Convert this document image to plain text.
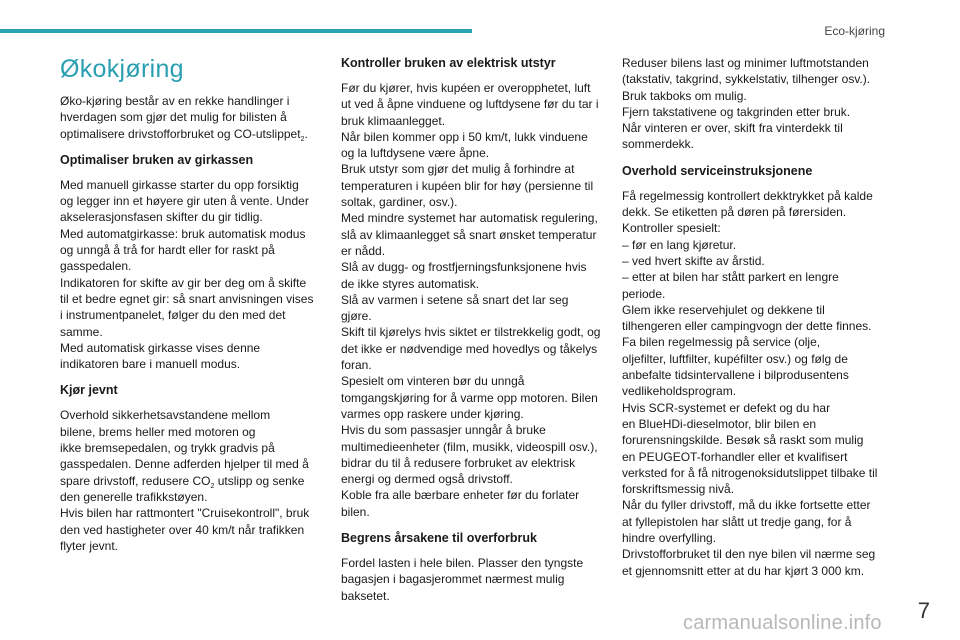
Eco-kjøring
Økokjøring

Øko-kjøring består av en rekke handlinger i
hverdagen som gjør det mulig for bilisten å
optimalisere drivstofforbruket og CO-utslippet$_2$.

Optimaliser bruken av girkassen

Med manuell girkasse starter du opp forsiktig
og legger inn et høyere gir uten å vente. Under
akselerasjonsfasen skifter du gir tidlig.
Med automatgirkasse: bruk automatisk modus
og unngå å trå for hardt eller for raskt på
gasspedalen.
Indikatoren for skifte av gir ber deg om å skifte
til et bedre egnet gir: så snart anvisningen vises
i instrumentpanelet, følger du den med det
samme.
Med automatisk girkasse vises denne
indikatoren bare i manuell modus.

Kjør jevnt

Overhold sikkerhetsavstandene mellom
bilene, brems heller med motoren og
ikke bremsepedalen, og trykk gradvis på
gasspedalen. Denne adferden hjelper til med å
spare drivstoff, redusere $CO_2$ utslipp og senke
den generelle trafikkstøyen.
Hvis bilen har rattmontert "Cruisekontroll", bruk
den ved hastigheter over 40 km/t når trafikken
flyter jevnt.

Kontroller bruken av elektrisk utstyr

Før du kjører, hvis kupéen er overopphetet, luft
ut ved å åpne vinduene og luftdysene før du tar i
bruk klimaanlegget.
Når bilen kommer opp i 50 km/t, lukk vinduene
og la luftdysene være åpne.
Bruk utstyr som gjør det mulig å forhindre at
temperaturen i kupéen blir for høy (persienne til
soltak, gardiner, osv.).
Med mindre systemet har automatisk regulering,
slå av klimaanlegget så snart ønsket temperatur
er nådd.
Slå av dugg- og frostfjerningsfunksjonene hvis
de ikke styres automatisk.
Slå av varmen i setene så snart det lar seg
gjøre.
Skift til kjørelys hvis siktet er tilstrekkelig godt, og
det ikke er nødvendige med hovedlys og tåkelys
foran.
Spesielt om vinteren bør du unngå
tomgangskjøring for å varme opp motoren. Bilen
varmes opp raskere under kjøring.
Hvis du som passasjer unngår å bruke
multimedieenheter (film, musikk, videospill osv.),
bidrar du til å redusere forbruket av elektrisk
energi og dermed også drivstoff.
Koble fra alle bærbare enheter før du forlater
bilen.

Begrens årsakene til overforbruk

Fordel lasten i hele bilen. Plasser den tyngste
bagasjen i bagasjerommet nærmest mulig
baksetet.

Reduser bilens last og minimer luftmotstanden
(takstativ, takgrind, sykkelstativ, tilhenger osv.).
Bruk takboks om mulig.
Fjern takstativene og takgrinden etter bruk.
Når vinteren er over, skift fra vinterdekk til
sommerdekk.

Overhold serviceinstruksjonene

Få regelmessig kontrollert dekktrykket på kalde
dekk. Se etiketten på døren på førersiden.
Kontroller spesielt:
– før en lang kjøretur.
– ved hvert skifte av årstid.
– etter at bilen har stått parkert en lengre
periode.
Glem ikke reservehjulet og dekkene til
tilhengeren eller campingvogn der dette finnes.
Fa bilen regelmessig på service (olje,
oljefilter, luftfilter, kupéfilter osv.) og følg de
anbefalte tidsintervallene i bilprodusentens
vedlikeholdsprogram.
Hvis SCR-systemet er defekt og du har
en BlueHDi-dieselmotor, blir bilen en
forurensningskilde. Besøk så raskt som mulig
en PEUGEOT-forhandler eller et kvalifisert
verksted for å få nitrogenoksidutslippet tilbake til
forskriftsmessig nivå.
Når du fyller drivstoff, må du ikke fortsette etter
at fyllepistolen har slått ut tredje gang, for å
hindre overfylling.
Drivstofforbruket til den nye bilen vil nærme seg
et gjennomsnitt etter at du har kjørt 3 000 km.

7
carmanualsonline.info
